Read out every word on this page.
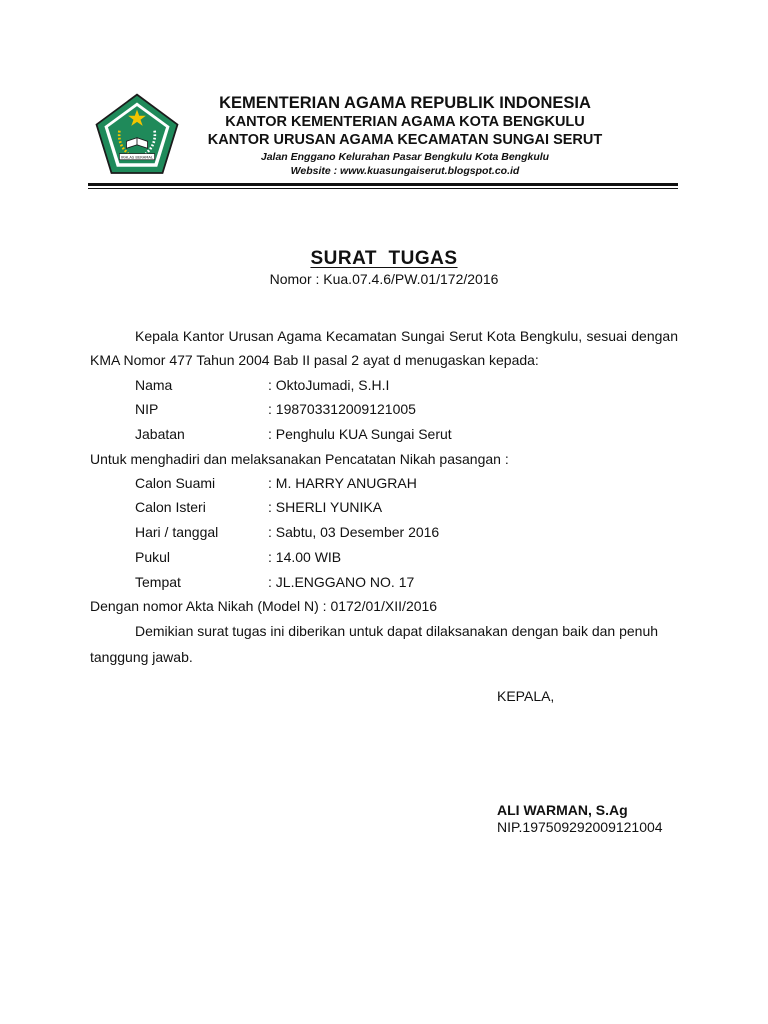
IKHLAS BERAMAL
KEMENTERIAN AGAMA REPUBLIK INDONESIA
KANTOR KEMENTERIAN AGAMA KOTA BENGKULU
KANTOR URUSAN AGAMA KECAMATAN SUNGAI SERUT
Jalan Enggano Kelurahan Pasar Bengkulu Kota Bengkulu
Website : www.kuasungaiserut.blogspot.co.id
SURAT  TUGAS
Nomor : Kua.07.4.6/PW.01/172/2016
Kepala Kantor Urusan Agama Kecamatan Sungai Serut Kota Bengkulu, sesuai dengan
KMA Nomor 477 Tahun 2004 Bab II pasal 2 ayat d menugaskan kepada:
Nama	: OktoJumadi, S.H.I
NIP	: 198703312009121005
Jabatan	: Penghulu KUA Sungai Serut
Untuk menghadiri dan melaksanakan Pencatatan Nikah pasangan :
Calon Suami	: M. HARRY ANUGRAH
Calon Isteri	: SHERLI YUNIKA
Hari / tanggal	: Sabtu, 03 Desember 2016
Pukul	: 14.00 WIB
Tempat	: JL.ENGGANO NO. 17
Dengan nomor Akta Nikah (Model N) : 0172/01/XII/2016
Demikian surat tugas ini diberikan untuk dapat dilaksanakan dengan baik dan penuh
tanggung jawab.
KEPALA,
ALI WARMAN, S.Ag
NIP.197509292009121004
